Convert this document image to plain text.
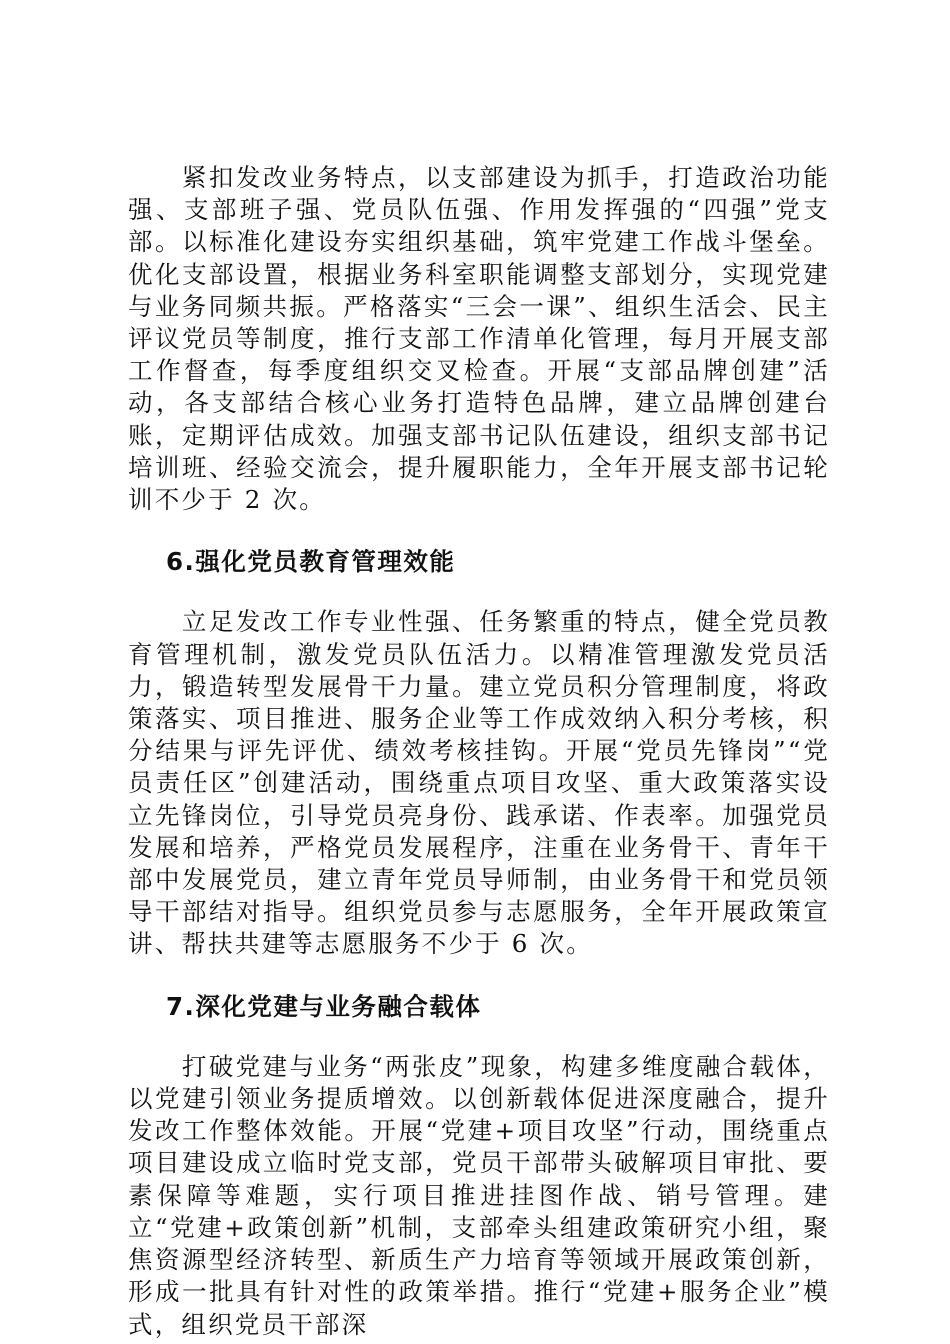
紧扣发改业务特点，以支部建设为抓手，打造政治功能强、支部班子强、党员队伍强、作用发挥强的“四强”党支部。以标准化建设夯实组织基础，筑牢党建工作战斗堡垒。优化支部设置，根据业务科室职能调整支部划分，实现党建与业务同频共振。严格落实“三会一课”、组织生活会、民主评议党员等制度，推行支部工作清单化管理，每月开展支部工作督查，每季度组织交叉检查。开展“支部品牌创建”活动，各支部结合核心业务打造特色品牌，建立品牌创建台账，定期评估成效。加强支部书记队伍建设，组织支部书记培训班、经验交流会，提升履职能力，全年开展支部书记轮训不少于 2 次。

6.强化党员教育管理效能

立足发改工作专业性强、任务繁重的特点，健全党员教育管理机制，激发党员队伍活力。以精准管理激发党员活力，锻造转型发展骨干力量。建立党员积分管理制度，将政策落实、项目推进、服务企业等工作成效纳入积分考核，积分结果与评先评优、绩效考核挂钩。开展“党员先锋岗”“党员责任区”创建活动，围绕重点项目攻坚、重大政策落实设立先锋岗位，引导党员亮身份、践承诺、作表率。加强党员发展和培养，严格党员发展程序，注重在业务骨干、青年干部中发展党员，建立青年党员导师制，由业务骨干和党员领导干部结对指导。组织党员参与志愿服务，全年开展政策宣讲、帮扶共建等志愿服务不少于 6 次。

7.深化党建与业务融合载体

打破党建与业务“两张皮”现象，构建多维度融合载体，以党建引领业务提质增效。以创新载体促进深度融合，提升发改工作整体效能。开展“党建+项目攻坚”行动，围绕重点项目建设成立临时党支部，党员干部带头破解项目审批、要素保障等难题，实行项目推进挂图作战、销号管理。建立“党建+政策创新”机制，支部牵头组建政策研究小组，聚焦资源型经济转型、新质生产力培育等领域开展政策创新，形成一批具有针对性的政策举措。推行“党建+服务企业”模式，组织党员干部深
